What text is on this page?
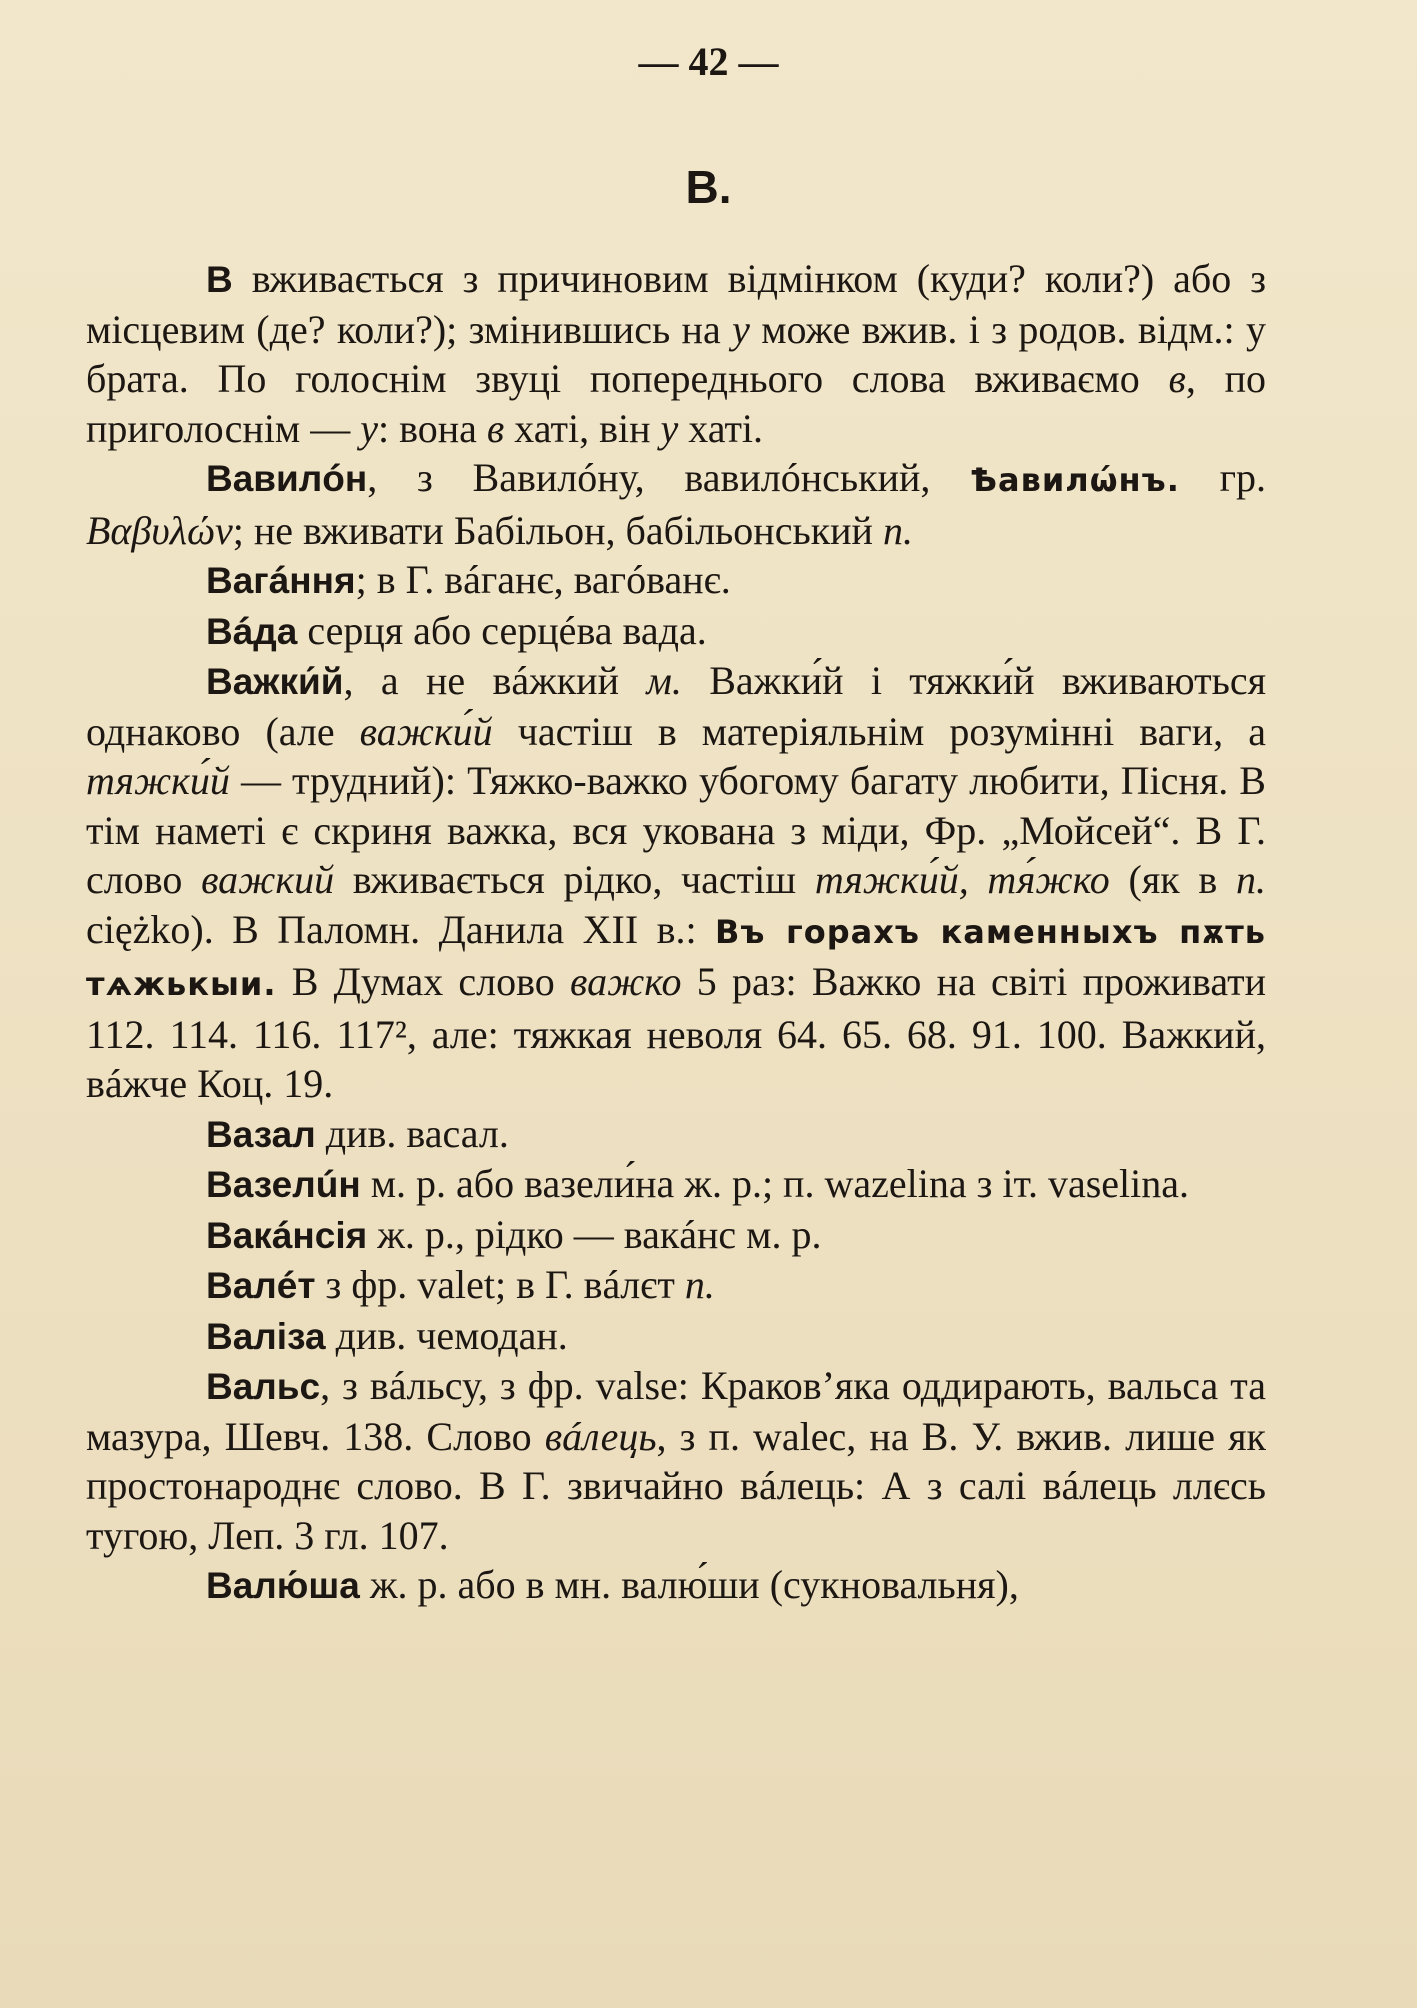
— 42 —
В.

В вживається з причиновим відмінком (куди? коли?) або з місцевим (де? коли?); змінившись на у може вжив. і з родов. відм.: у брата. По голоснім звуці попереднього слова вживаємо в, по приголоснім — у: вона в хаті, він у хаті.

Вавилóн, з Вавилóну, вавилóнський, Ѣавилѡ́нъ. гр. Βαβυλών; не вживати Бабільон, бабільонський п.

Вагáння; в Г. вáганє, вагóванє.

Вáда серця або серцéва вада.

Важки́й, а не вáжкий м. Важки́й і тяжки́й вживаються однаково (але важки́й частіш в матеріяльнім розумінні ваги, а тяжки́й — трудний): Тяжко-важко убогому багату любити, Пісня. В тім наметі є скриня важка, вся укована з міди, Фр. „Мойсей“. В Г. слово важкий вживається рідко, частіш тяжки́й, тя́жко (як в п. ciężko). В Паломн. Данила XII в.: Въ горахъ каменныхъ пѫть тѧжькыи. В Думах слово важко 5 раз: Важко на світі проживати 112. 114. 116. 117², але: тяжкая неволя 64. 65. 68. 91. 100. Важкий, вáжче Коц. 19.

Вазал див. васал.

Вазелúн м. р. або вазели́на ж. р.; п. wazelina з іт. vaselina.

Вакáнсія ж. р., рідко — вакáнс м. р.

Валéт з фр. valet; в Г. вáлєт п.

Валіза див. чемодан.

Вальс, з вáльсу, з фр. valse: Краков’яка оддирають, вальса та мазура, Шевч. 138. Слово вáлець, з п. walec, на В. У. вжив. лише як простонароднє слово. В Г. звичайно вáлець: А з салі вáлець ллєсь тугою, Леп. 3 гл. 107.

Валю́ша ж. р. або в мн. валю́ши (сукновальня),
